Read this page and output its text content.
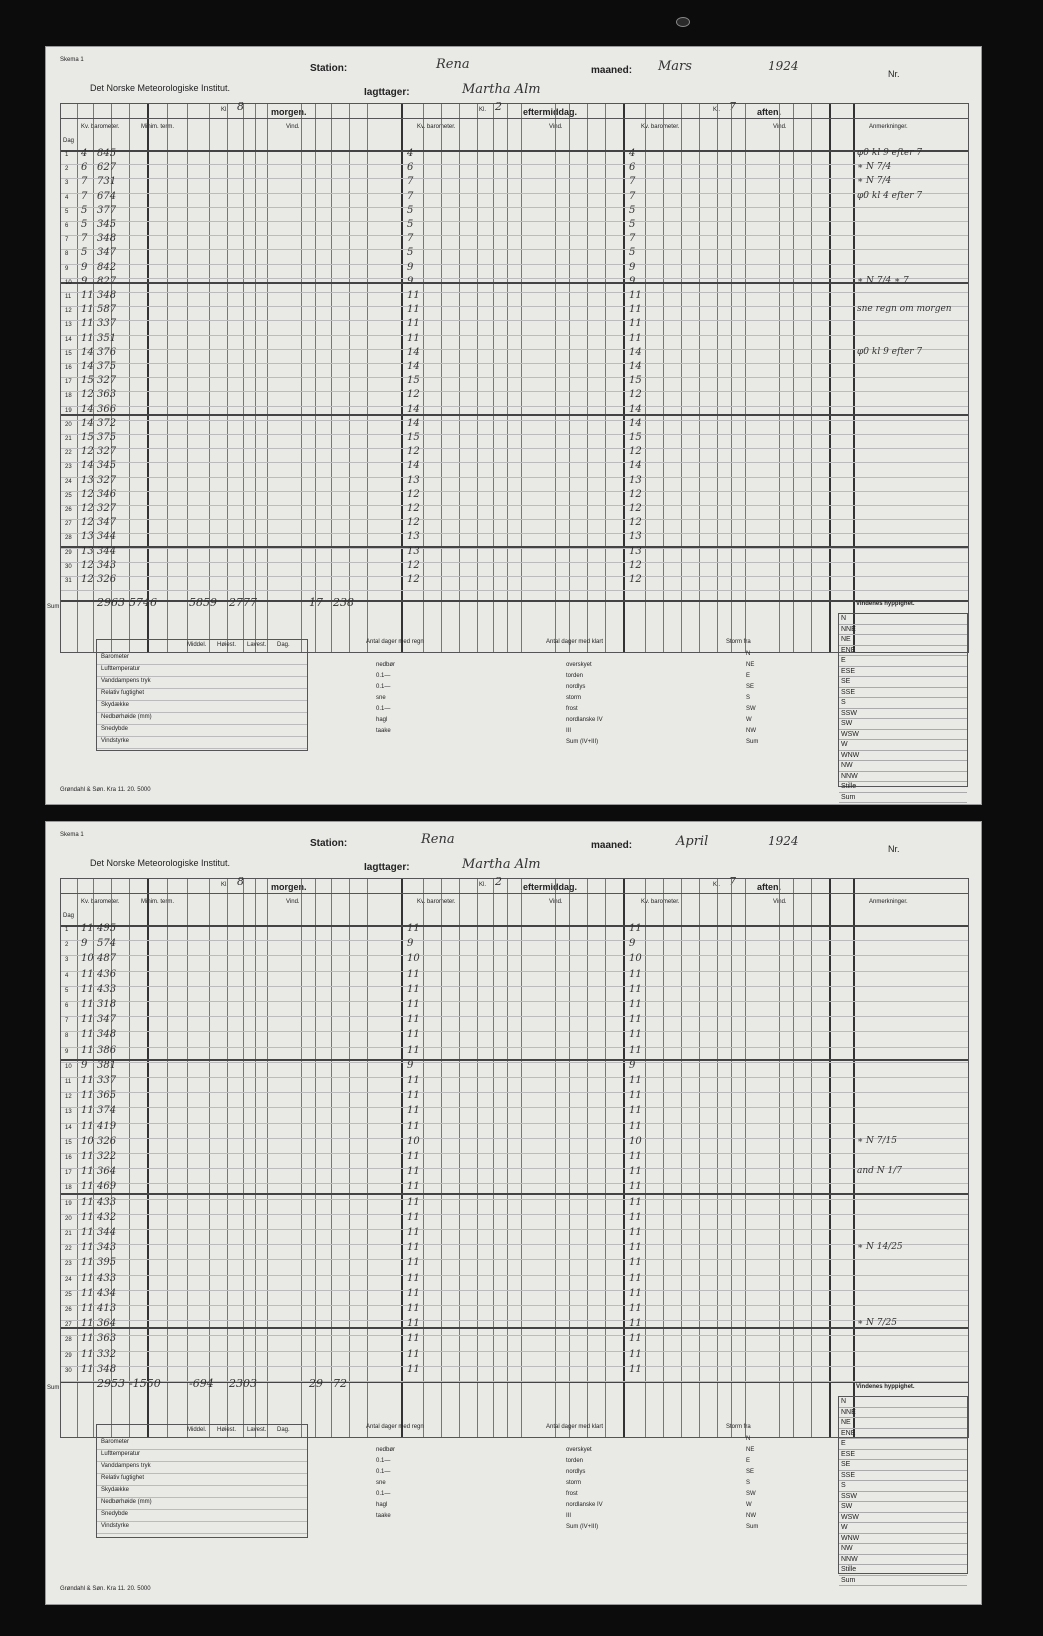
Skema 1
Det Norske Meteorologiske Institut.
Station:	Rena
Iagttager:	Martha Alm
maaned: Mars	1924
Nr.
Kl. 8	morgen.	Kl. 2 eftermiddag.	Kl. 7 aften.
Kv. barometer.	Minim. term.	Vind.	Kv. barometer.	Vind.	Kv. barometer.	Vind.	Anmerkninger.
Dag
1 4 845	4	4	φ0 kl 9 efter 7
2 6 627	6	6	∗ N 7/4
3 7 731	7	7	∗ N 7/4
4 7 674	7	7	φ0 kl 4 efter 7
5 5 377	5	5
6 5 345	5	5
7 7 348	7	7
8 5 347	5	5
9 9 842	9	9
10 9 827	9	9	∗ N 7/4 ∗ 7
11 11 348	11	11
12 11 587	11	11	sne regn om morgen
13 11 337	11	11
14 11 351	11	11
15 14 376	14	14	φ0 kl 9 efter 7
16 14 375	14	14
17 15 327	15	15
18 12 363	12	12
19 14 366	14	14
20 14 372	14	14
21 15 375	15	15
22 12 327	12	12
23 14 345	14	14
24 13 327	13	13
25 12 346	12	12
26 12 327	12	12
27 12 347	12	12
28 13 344	13	13
29 13 344	13	13
30 12 343	12	12
31 12 326	12	12
Sum	2963 5746	5859 2777	17 238	Vindenes hyppighet.
N
NNE
NE
ENE
E
ESE
SE
SSE
S
SSW
SW
WSW
W
WNW
NW
NNW
Stille
Sum
Middel. Høiest. Lavest. Dag.
Barometer
Lufttemperatur
Vanddampens tryk
Relativ fugtighet
Skydække
Nedbørhøide (mm)
Snedybde
Vindstyrke
Antal dager med regn
nedbør
0.1—
0.1—
sne
0.1—
hagl
taake
Antal dager med klart
overskyet
torden
nordlys
storm
frost
nordlanske IV
III
Sum (IV+III)
Storm fra
N
NE
E
SE
S
SW
W
NW
Sum
Grøndahl & Søn. Kra 11. 20. 5000
Skema 1
Det Norske Meteorologiske Institut.
Station:	Rena
Iagttager:	Martha Alm
maaned:	April	1924
Nr.
Kl. 8	morgen.	Kl. 2 eftermiddag.	Kl. 7 aften.
Kv. barometer.	Minim. term.	Vind.	Kv. barometer.	Vind.	Kv. barometer.	Vind.	Anmerkninger.
Dag
1 11 495	11	11
2 9 574	9	9
3 10 487	10	10
4 11 436	11	11
5 11 433	11	11
6 11 318	11	11
7 11 347	11	11
8 11 348	11	11
9 11 386	11	11
10 9 381	9	9
11 11 337	11	11
12 11 365	11	11
13 11 374	11	11
14 11 419	11	11
15 10 326	10	10	∗ N 7/15
16 11 322	11	11
17 11 364	11	11	and N 1/7
18 11 469	11	11
19 11 433	11	11
20 11 432	11	11
21 11 344	11	11
22 11 343	11	11	∗ N 14/25
23 11 395	11	11
24 11 433	11	11
25 11 434	11	11
26 11 413	11	11
27 11 364	11	11	∗ N 7/25
28 11 363	11	11
29 11 332	11	11
30 11 348	11	11
Sum	2953 -1550	-694 2303	29 72	Vindenes hyppighet.
N
NNE
NE
ENE
E
ESE
SE
SSE
S
SSW
SW
WSW
W
WNW
NW
NNW
Stille
Sum
Middel. Høiest. Lavest. Dag.
Barometer
Lufttemperatur
Vanddampens tryk
Relativ fugtighet
Skydække
Nedbørhøide (mm)
Snedybde
Vindstyrke
Antal dager med regn
nedbør
0.1—
0.1—
sne
0.1—
hagl
taake
Antal dager med klart
overskyet
torden
nordlys
storm
frost
nordlanske IV
III
Sum (IV+III)
Storm fra
N
NE
E
SE
S
SW
W
NW
Sum
Grøndahl & Søn. Kra 11. 20. 5000
